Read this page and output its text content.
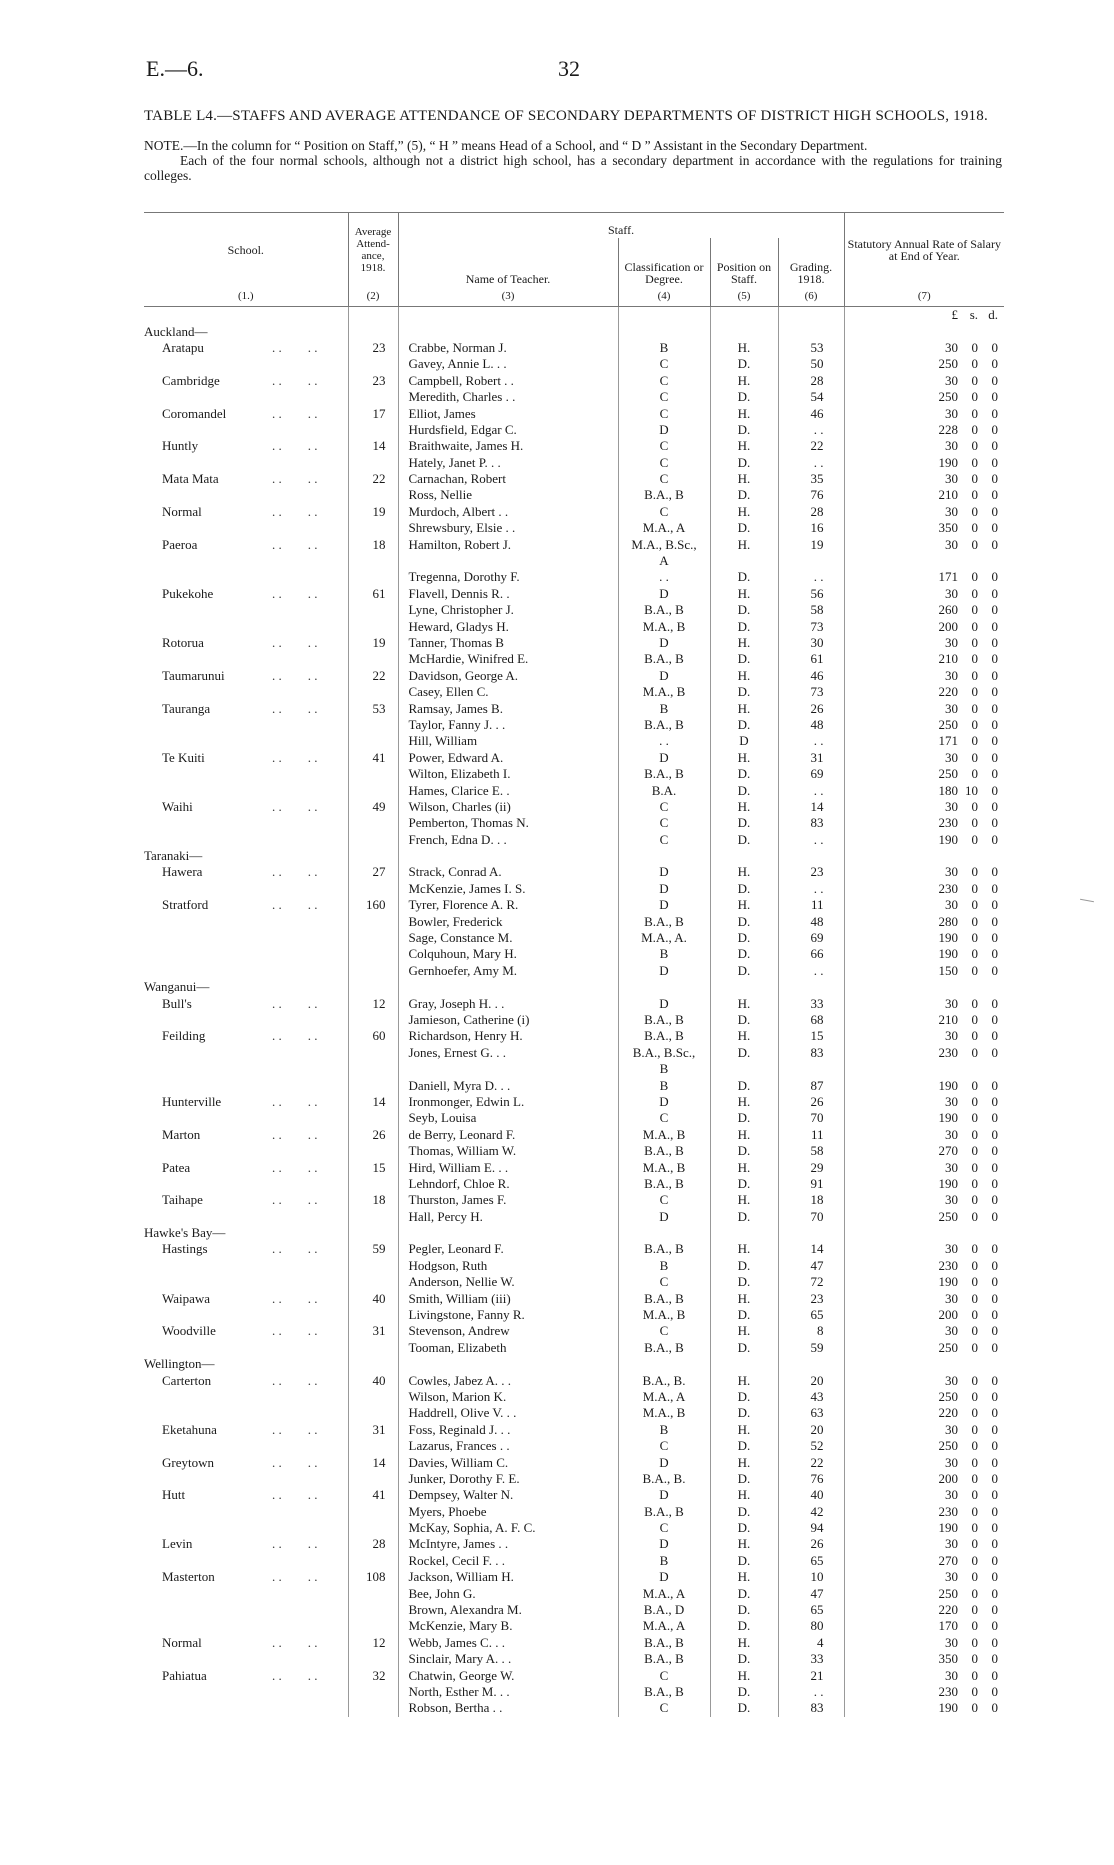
E.—6.	32
TABLE L4.—STAFFS AND AVERAGE ATTENDANCE OF SECONDARY DEPARTMENTS OF DISTRICT HIGH SCHOOLS, 1918.

NOTE.—In the column for “ Position on Staff,” (5), “ H ” means Head of a School, and “ D ” Assistant in the Secondary Department.

Each of the four normal schools, although not a district high school, has a secondary department in accordance with the regulations for training colleges.

School.	Average Attend-ance, 1918.	Staff.				Statutory Annual Rate of Salary at End of Year.
		Name of Teacher.	Classification or Degree.	Position on Staff.	Grading. 1918.	
(1.)	(2)	(3)	(4)	(5)	(6)	(7)

						£ s. d.

Auckland—						

Aratapu . .        . .	23	Crabbe, Norman J.	B	H.	53	30 0 0

		Gavey, Annie L. . .	C	D.	50	250 0 0

Cambridge . .        . .	23	Campbell, Robert . .	C	H.	28	30 0 0

		Meredith, Charles . .	C	D.	54	250 0 0

Coromandel . .        . .	17	Elliot, James	C	H.	46	30 0 0

		Hurdsfield, Edgar C.	D	D.	. .	228 0 0

Huntly . .        . .	14	Braithwaite, James H.	C	H.	22	30 0 0

		Hately, Janet P. . .	C	D.	. .	190 0 0

Mata Mata . .        . .	22	Carnachan, Robert	C	H.	35	30 0 0

		Ross, Nellie	B.A., B	D.	76	210 0 0

Normal . .        . .	19	Murdoch, Albert . .	C	H.	28	30 0 0

		Shrewsbury, Elsie . .	M.A., A	D.	16	350 0 0

Paeroa . .        . .	18	Hamilton, Robert J.	M.A., B.Sc.,	H.	19	30 0 0

			A			

		Tregenna, Dorothy F.	. .	D.	. .	171 0 0

Pukekohe . .        . .	61	Flavell, Dennis R. .	D	H.	56	30 0 0

		Lyne, Christopher J.	B.A., B	D.	58	260 0 0

		Heward, Gladys H.	M.A., B	D.	73	200 0 0

Rotorua . .        . .	19	Tanner, Thomas B	D	H.	30	30 0 0

		McHardie, Winifred E.	B.A., B	D.	61	210 0 0

Taumarunui . .        . .	22	Davidson, George A.	D	H.	46	30 0 0

		Casey, Ellen C.	M.A., B	D.	73	220 0 0

Tauranga . .        . .	53	Ramsay, James B.	B	H.	26	30 0 0

		Taylor, Fanny J. . .	B.A., B	D.	48	250 0 0

		Hill, William	. .	D	. .	171 0 0

Te Kuiti . .        . .	41	Power, Edward A.	D	H.	31	30 0 0

		Wilton, Elizabeth I.	B.A., B	D.	69	250 0 0

		Hames, Clarice E. .	B.A.	D.	. .	180 10 0

Waihi . .        . .	49	Wilson, Charles (ii)	C	H.	14	30 0 0

		Pemberton, Thomas N.	C	D.	83	230 0 0

		French, Edna D. . .	C	D.	. .	190 0 0

Taranaki—						

Hawera . .        . .	27	Strack, Conrad A.	D	H.	23	30 0 0

		McKenzie, James I. S.	D	D.	. .	230 0 0

Stratford . .        . .	160	Tyrer, Florence A. R.	D	H.	11	30 0 0

		Bowler, Frederick	B.A., B	D.	48	280 0 0

		Sage, Constance M.	M.A., A.	D.	69	190 0 0

		Colquhoun, Mary H.	B	D.	66	190 0 0

		Gernhoefer, Amy M.	D	D.	. .	150 0 0

Wanganui—						

Bull's . .        . .	12	Gray, Joseph H. . .	D	H.	33	30 0 0

		Jamieson, Catherine (i)	B.A., B	D.	68	210 0 0

Feilding . .        . .	60	Richardson, Henry H.	B.A., B	H.	15	30 0 0

		Jones, Ernest G. . .	B.A., B.Sc.,	D.	83	230 0 0

			B			

		Daniell, Myra D. . .	B	D.	87	190 0 0

Hunterville . .        . .	14	Ironmonger, Edwin L.	D	H.	26	30 0 0

		Seyb, Louisa	C	D.	70	190 0 0

Marton . .        . .	26	de Berry, Leonard F.	M.A., B	H.	11	30 0 0

		Thomas, William W.	B.A., B	D.	58	270 0 0

Patea . .        . .	15	Hird, William E. . .	M.A., B	H.	29	30 0 0

		Lehndorf, Chloe R.	B.A., B	D.	91	190 0 0

Taihape . .        . .	18	Thurston, James F.	C	H.	18	30 0 0

		Hall, Percy H.	D	D.	70	250 0 0

Hawke's Bay—						

Hastings . .        . .	59	Pegler, Leonard F.	B.A., B	H.	14	30 0 0

		Hodgson, Ruth	B	D.	47	230 0 0

		Anderson, Nellie W.	C	D.	72	190 0 0

Waipawa . .        . .	40	Smith, William (iii)	B.A., B	H.	23	30 0 0

		Livingstone, Fanny R.	M.A., B	D.	65	200 0 0

Woodville . .        . .	31	Stevenson, Andrew	C	H.	8	30 0 0

		Tooman, Elizabeth	B.A., B	D.	59	250 0 0

Wellington—						

Carterton . .        . .	40	Cowles, Jabez A. . .	B.A., B.	H.	20	30 0 0

		Wilson, Marion K.	M.A., A	D.	43	250 0 0

		Haddrell, Olive V. . .	M.A., B	D.	63	220 0 0

Eketahuna . .        . .	31	Foss, Reginald J. . .	B	H.	20	30 0 0

		Lazarus, Frances . .	C	D.	52	250 0 0

Greytown . .        . .	14	Davies, William C.	D	H.	22	30 0 0

		Junker, Dorothy F. E.	B.A., B.	D.	76	200 0 0

Hutt . .        . .	41	Dempsey, Walter N.	D	H.	40	30 0 0

		Myers, Phoebe	B.A., B	D.	42	230 0 0

		McKay, Sophia, A. F. C.	C	D.	94	190 0 0

Levin . .        . .	28	McIntyre, James . .	D	H.	26	30 0 0

		Rockel, Cecil F. . .	B	D.	65	270 0 0

Masterton . .        . .	108	Jackson, William H.	D	H.	10	30 0 0

		Bee, John G.	M.A., A	D.	47	250 0 0

		Brown, Alexandra M.	B.A., D	D.	65	220 0 0

		McKenzie, Mary B.	M.A., A	D.	80	170 0 0

Normal . .        . .	12	Webb, James C. . .	B.A., B	H.	4	30 0 0

		Sinclair, Mary A. . .	B.A., B	D.	33	350 0 0

Pahiatua . .        . .	32	Chatwin, George W.	C	H.	21	30 0 0

		North, Esther M. . .	B.A., B	D.	. .	230 0 0

		Robson, Bertha . .	C	D.	83	190 0 0
